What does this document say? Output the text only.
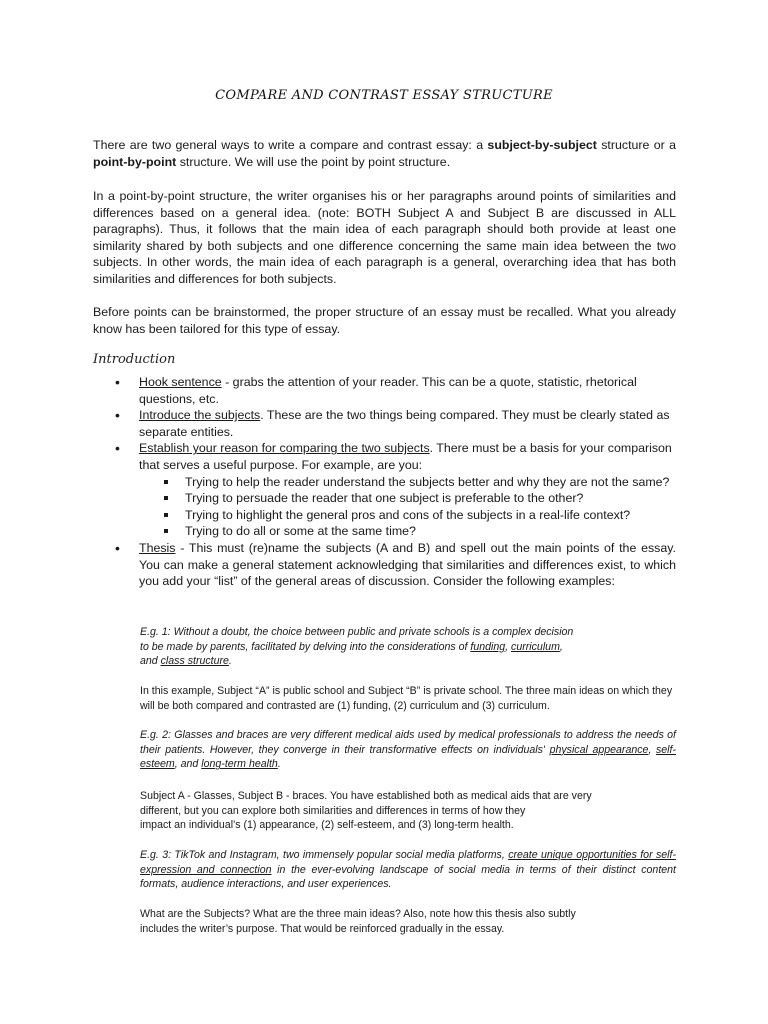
COMPARE AND CONTRAST ESSAY STRUCTURE

There are two general ways to write a compare and contrast essay: a subject-by-subject structure or a point-by-point structure. We will use the point by point structure.

In a point-by-point structure, the writer organises his or her paragraphs around points of similarities and differences based on a general idea. (note: BOTH Subject A and Subject B are discussed in ALL paragraphs). Thus, it follows that the main idea of each paragraph should both provide at least one similarity shared by both subjects and one difference concerning the same main idea between the two subjects. In other words, the main idea of each paragraph is a general, overarching idea that has both similarities and differences for both subjects.

Before points can be brainstormed, the proper structure of an essay must be recalled. What you already know has been tailored for this type of essay.

Introduction
• Hook sentence - grabs the attention of your reader. This can be a quote, statistic, rhetorical questions, etc.
• Introduce the subjects. These are the two things being compared. They must be clearly stated as separate entities.
• Establish your reason for comparing the two subjects. There must be a basis for your comparison that serves a useful purpose. For example, are you:
Trying to help the reader understand the subjects better and why they are not the same?
Trying to persuade the reader that one subject is preferable to the other?
Trying to highlight the general pros and cons of the subjects in a real-life context?
Trying to do all or some at the same time?
• Thesis - This must (re)name the subjects (A and B) and spell out the main points of the essay. You can make a general statement acknowledging that similarities and differences exist, to which you add your “list” of the general areas of discussion. Consider the following examples:
E.g. 1: Without a doubt, the choice between public and private schools is a complex decision
to be made by parents, facilitated by delving into the considerations of funding, curriculum,
and class structure.

In this example, Subject “A” is public school and Subject “B” is private school. The three main ideas on which they will be both compared and contrasted are (1) funding, (2) curriculum and (3) curriculum.

E.g. 2: Glasses and braces are very different medical aids used by medical professionals to address the needs of their patients. However, they converge in their transformative effects on individuals' physical appearance, self-esteem, and long-term health.

Subject A - Glasses, Subject B - braces. You have established both as medical aids that are very
different, but you can explore both similarities and differences in terms of how they
impact an individual’s (1) appearance, (2) self-esteem, and (3) long-term health.

E.g. 3: TikTok and Instagram, two immensely popular social media platforms, create unique opportunities for self-expression and connection in the ever-evolving landscape of social media in terms of their distinct content formats, audience interactions, and user experiences.

What are the Subjects? What are the three main ideas? Also, note how this thesis also subtly
includes the writer’s purpose. That would be reinforced gradually in the essay.
